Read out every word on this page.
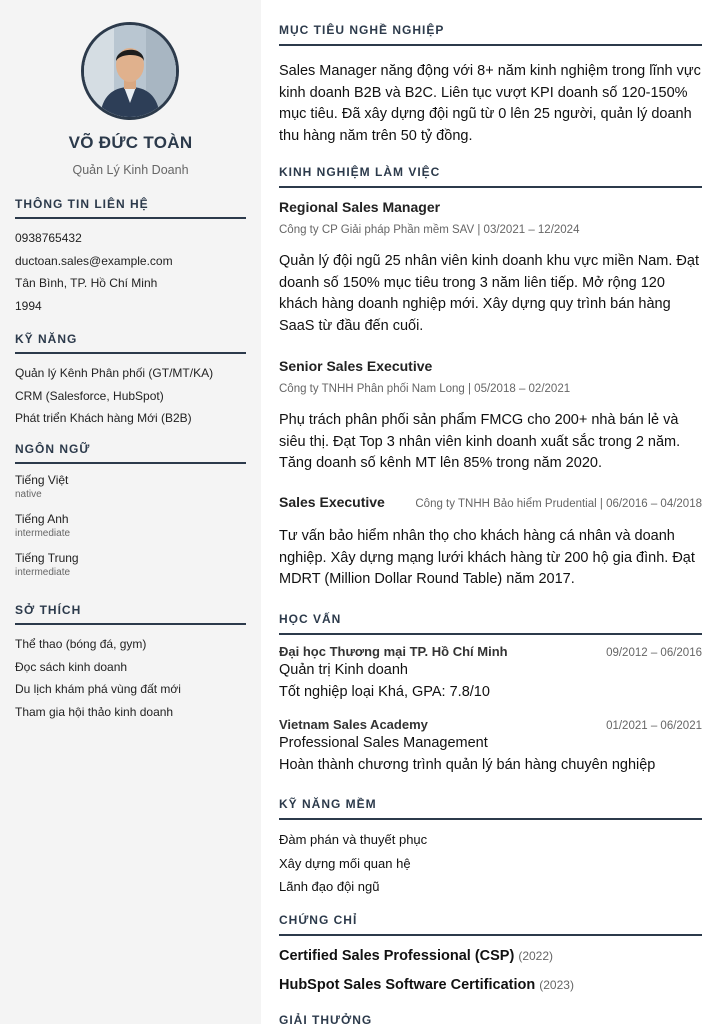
VÕ ĐỨC TOÀN
Quản Lý Kinh Doanh
THÔNG TIN LIÊN HỆ
0938765432
ductoan.sales@example.com
Tân Bình, TP. Hồ Chí Minh
1994
KỸ NĂNG
Quản lý Kênh Phân phối (GT/MT/KA)
CRM (Salesforce, HubSpot)
Phát triển Khách hàng Mới (B2B)
NGÔN NGỮ
Tiếng Việt
native
Tiếng Anh
intermediate
Tiếng Trung
intermediate
SỞ THÍCH
Thể thao (bóng đá, gym)
Đọc sách kinh doanh
Du lịch khám phá vùng đất mới
Tham gia hội thảo kinh doanh
MỤC TIÊU NGHỀ NGHIỆP
Sales Manager năng động với 8+ năm kinh nghiệm trong lĩnh vực kinh doanh B2B và B2C. Liên tục vượt KPI doanh số 120-150% mục tiêu. Đã xây dựng đội ngũ từ 0 lên 25 người, quản lý doanh thu hàng năm trên 50 tỷ đồng.
KINH NGHIỆM LÀM VIỆC
Regional Sales Manager
Công ty CP Giải pháp Phần mềm SAV | 03/2021 – 12/2024
Quản lý đội ngũ 25 nhân viên kinh doanh khu vực miền Nam. Đạt doanh số 150% mục tiêu trong 3 năm liên tiếp. Mở rộng 120 khách hàng doanh nghiệp mới. Xây dựng quy trình bán hàng SaaS từ đầu đến cuối.
Senior Sales Executive
Công ty TNHH Phân phối Nam Long | 05/2018 – 02/2021
Phụ trách phân phối sản phẩm FMCG cho 200+ nhà bán lẻ và siêu thị. Đạt Top 3 nhân viên kinh doanh xuất sắc trong 2 năm. Tăng doanh số kênh MT lên 85% trong năm 2020.
Sales Executive	Công ty TNHH Bảo hiểm Prudential | 06/2016 – 04/2018
Tư vấn bảo hiểm nhân thọ cho khách hàng cá nhân và doanh nghiệp. Xây dựng mạng lưới khách hàng từ 200 hộ gia đình. Đạt MDRT (Million Dollar Round Table) năm 2017.
HỌC VẤN
Đại học Thương mại TP. Hồ Chí Minh	09/2012 – 06/2016
Quản trị Kinh doanh
Tốt nghiệp loại Khá, GPA: 7.8/10
Vietnam Sales Academy	01/2021 – 06/2021
Professional Sales Management
Hoàn thành chương trình quản lý bán hàng chuyên nghiệp
KỸ NĂNG MỀM
Đàm phán và thuyết phục
Xây dựng mối quan hệ
Lãnh đạo đội ngũ
CHỨNG CHỈ
Certified Sales Professional (CSP) (2022)
HubSpot Sales Software Certification (2023)
GIẢI THƯỞNG
